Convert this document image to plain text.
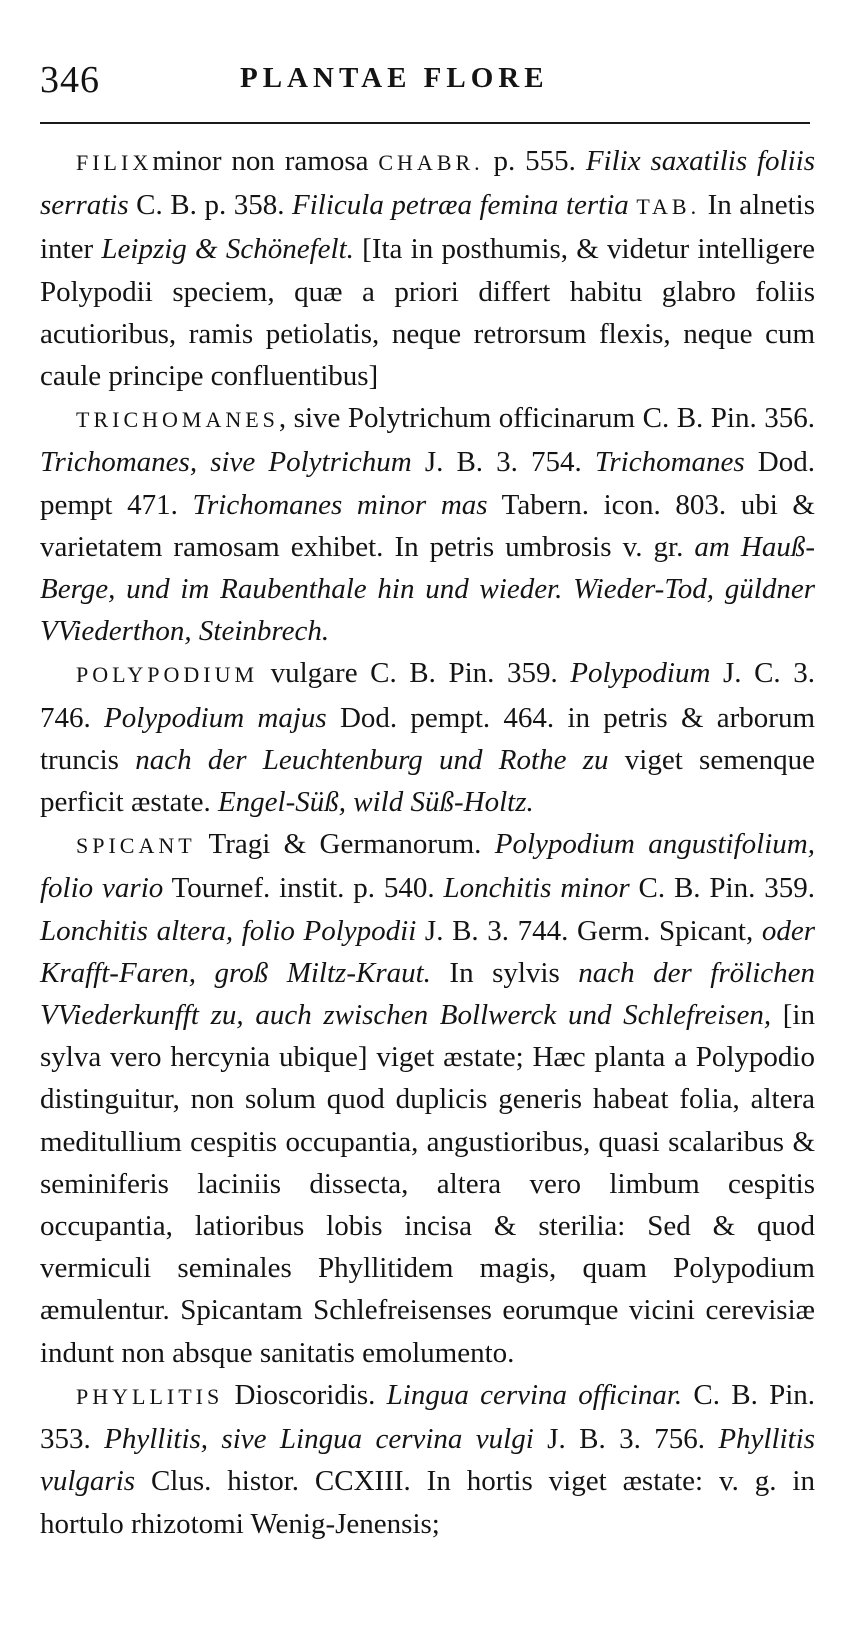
346	PLANTAE FLORE

FILIXminor non ramosa CHABR. p. 555. Filix saxatilis foliis serratis C. B. p. 358. Filicula petræa femina tertia TAB. In alnetis inter Leipzig & Schönefelt. [Ita in posthumis, & videtur intelligere Polypodii speciem, quæ a priori differt habitu glabro foliis acutioribus, ramis petiolatis, neque retrorsum flexis, neque cum caule principe confluentibus]

TRICHOMANES, sive Polytrichum officinarum C. B. Pin. 356. Trichomanes, sive Polytrichum J. B. 3. 754. Trichomanes Dod. pempt 471. Trichomanes minor mas Tabern. icon. 803. ubi & varietatem ramosam exhibet. In petris umbrosis v. gr. am Hauß-Berge, und im Raubenthale hin und wieder. Wieder-Tod, güldner VViederthon, Steinbrech.

POLYPODIUM vulgare C. B. Pin. 359. Polypodium J. C. 3. 746. Polypodium majus Dod. pempt. 464. in petris & arborum truncis nach der Leuchtenburg und Rothe zu viget semenque perficit æstate. Engel-Süß, wild Süß-Holtz.

SPICANT Tragi & Germanorum. Polypodium angustifolium, folio vario Tournef. instit. p. 540. Lonchitis minor C. B. Pin. 359. Lonchitis altera, folio Polypodii J. B. 3. 744. Germ. Spicant, oder Krafft-Faren, groß Miltz-Kraut. In sylvis nach der frölichen VViederkunfft zu, auch zwischen Bollwerck und Schlefreisen, [in sylva vero hercynia ubique] viget æstate; Hæc planta a Polypodio distinguitur, non solum quod duplicis generis habeat folia, altera meditullium cespitis occupantia, angustioribus, quasi scalaribus & seminiferis laciniis dissecta, altera vero limbum cespitis occupantia, latioribus lobis incisa & sterilia: Sed & quod vermiculi seminales Phyllitidem magis, quam Polypodium æmulentur. Spicantam Schlefreisenses eorumque vicini cerevisiæ indunt non absque sanitatis emolumento.

PHYLLITIS Dioscoridis. Lingua cervina officinar. C. B. Pin. 353. Phyllitis, sive Lingua cervina vulgi J. B. 3. 756. Phyllitis vulgaris Clus. histor. CCXIII. In hortis viget æstate: v. g. in hortulo rhizotomi Wenig-Jenensis;
